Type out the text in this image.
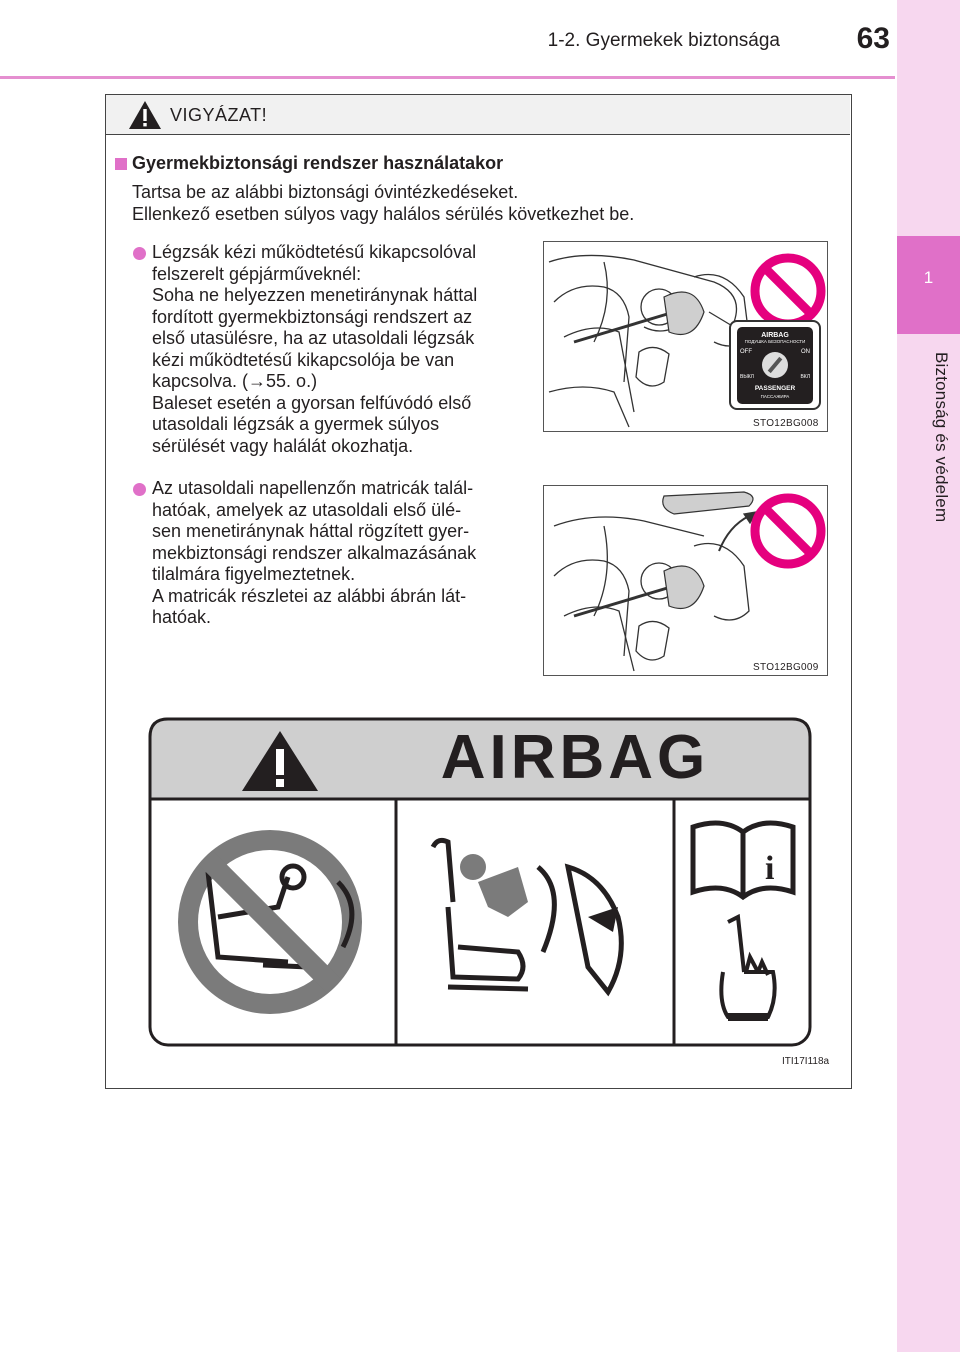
1-2. Gyermekek biztonsága	63
1
Biztonság és védelem
VIGYÁZAT!
Gyermekbiztonsági rendszer használatakor
Tartsa be az alábbi biztonsági óvintézkedéseket.
Ellenkező esetben súlyos vagy halálos sérülés következhet be.
Légzsák kézi működtetésű kikapcsolóval
felszerelt gépjárműveknél:
Soha ne helyezzen menetiránynak háttal
fordított gyermekbiztonsági rendszert az
első utasülésre, ha az utasoldali légzsák
kézi működtetésű kikapcsolója be van
kapcsolva. (→55. o.)
Baleset esetén a gyorsan felfúvódó első
utasoldali légzsák a gyermek súlyos
sérülését vagy halálát okozhatja.
AIRBAG
ПОДУШКА БЕЗОПАСНОСТИ
OFF	ON
ВЫКЛ	ВКЛ
PASSENGER
ПАССАЖИРА
STO12BG008
Az utasoldali napellenzőn matricák talál-
hatóak, amelyek az utasoldali első ülé-
sen menetiránynak háttal rögzített gyer-
mekbiztonsági rendszer alkalmazásának
tilalmára figyelmeztetnek.
A matricák részletei az alábbi ábrán lát-
hatóak.
STO12BG009
i
AIRBAG
ITI17I118a
